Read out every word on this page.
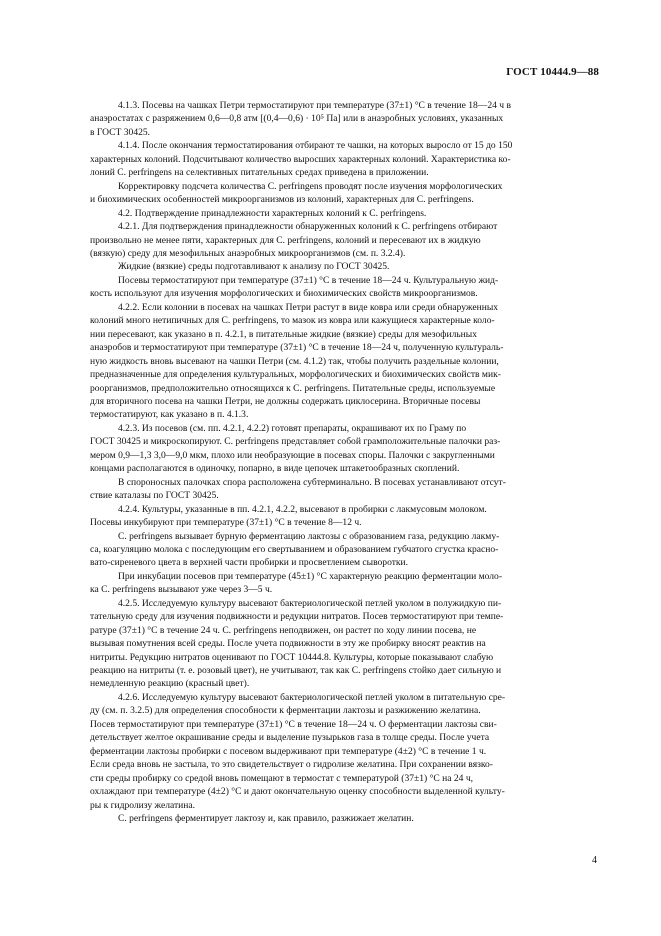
ГОСТ 10444.9—88

4.1.3. Посевы на чашках Петри термостатируют при температуре (37±1) °С в течение 18—24 ч в
анаэростатах с разряжением 0,6—0,8 атм [(0,4—0,6) · 10⁵ Па] или в анаэробных условиях, указанных
в ГОСТ 30425.

4.1.4. После окончания термостатирования отбирают те чашки, на которых выросло от 15 до 150
характерных колоний. Подсчитывают количество выросших характерных колоний. Характеристика ко-
лоний C. perfringens на селективных питательных средах приведена в приложении.

Корректировку подсчета количества C. perfringens проводят после изучения морфологических
и биохимических особенностей микроорганизмов из колоний, характерных для C. perfringens.

4.2. Подтверждение принадлежности характерных колоний к C. perfringens.

4.2.1. Для подтверждения принадлежности обнаруженных колоний к C. perfringens отбирают
произвольно не менее пяти, характерных для C. perfringens, колоний и пересевают их в жидкую
(вязкую) среду для мезофильных анаэробных микроорганизмов (см. п. 3.2.4).

Жидкие (вязкие) среды подготавливают к анализу по ГОСТ 30425.

Посевы термостатируют при температуре (37±1) °С в течение 18—24 ч. Культуральную жид-
кость используют для изучения морфологических и биохимических свойств микроорганизмов.

4.2.2. Если колонии в посевах на чашках Петри растут в виде ковра или среди обнаруженных
колоний много нетипичных для C. perfringens, то мазок из ковра или кажущиеся характерные коло-
нии пересевают, как указано в п. 4.2.1, в питательные жидкие (вязкие) среды для мезофильных
анаэробов и термостатируют при температуре (37±1) °С в течение 18—24 ч, полученную культураль-
ную жидкость вновь высевают на чашки Петри (см. 4.1.2) так, чтобы получить раздельные колонии,
предназначенные для определения культуральных, морфологических и биохимических свойств мик-
роорганизмов, предположительно относящихся к C. perfringens. Питательные среды, используемые
для вторичного посева на чашки Петри, не должны содержать циклосерина. Вторичные посевы
термостатируют, как указано в п. 4.1.3.

4.2.3. Из посевов (см. пп. 4.2.1, 4.2.2) готовят препараты, окрашивают их по Граму по
ГОСТ 30425 и микроскопируют. C. perfringens представляет собой грамположительные палочки раз-
мером 0,9—1,3 3,0—9,0 мкм, плохо или необразующие в посевах споры. Палочки с закругленными
концами располагаются в одиночку, попарно, в виде цепочек штакетообразных скоплений.

В спороносных палочках спора расположена субтерминально. В посевах устанавливают отсут-
ствие каталазы по ГОСТ 30425.

4.2.4. Культуры, указанные в пп. 4.2.1, 4.2.2, высевают в пробирки с лакмусовым молоком.
Посевы инкубируют при температуре (37±1) °С в течение 8—12 ч.

C. perfringens вызывает бурную ферментацию лактозы с образованием газа, редукцию лакму-
са, коагуляцию молока с последующим его свертыванием и образованием губчатого сгустка красно-
вато-сиреневого цвета в верхней части пробирки и просветлением сыворотки.

При инкубации посевов при температуре (45±1) °С характерную реакцию ферментации моло-
ка C. perfringens вызывают уже через 3—5 ч.

4.2.5. Исследуемую культуру высевают бактериологической петлей уколом в полужидкую пи-
тательную среду для изучения подвижности и редукции нитратов. Посев термостатируют при темпе-
ратуре (37±1) °С в течение 24 ч. C. perfringens неподвижен, он растет по ходу линии посева, не
вызывая помутнения всей среды. После учета подвижности в эту же пробирку вносят реактив на
нитриты. Редукцию нитратов оценивают по ГОСТ 10444.8. Культуры, которые показывают слабую
реакцию на нитриты (т. е. розовый цвет), не учитывают, так как C. perfringens стойко дает сильную и
немедленную реакцию (красный цвет).

4.2.6. Исследуемую культуру высевают бактериологической петлей уколом в питательную сре-
ду (см. п. 3.2.5) для определения способности к ферментации лактозы и разжижению желатина.
Посев термостатируют при температуре (37±1) °С в течение 18—24 ч. О ферментации лактозы сви-
детельствует желтое окрашивание среды и выделение пузырьков газа в толще среды. После учета
ферментации лактозы пробирки с посевом выдерживают при температуре (4±2) °С в течение 1 ч.
Если среда вновь не застыла, то это свидетельствует о гидролизе желатина. При сохранении вязко-
сти среды пробирку со средой вновь помещают в термостат с температурой (37±1) °С на 24 ч,
охлаждают при температуре (4±2) °С и дают окончательную оценку способности выделенной культу-
ры к гидролизу желатина.

C. perfringens ферментирует лактозу и, как правило, разжижает желатин.

4
